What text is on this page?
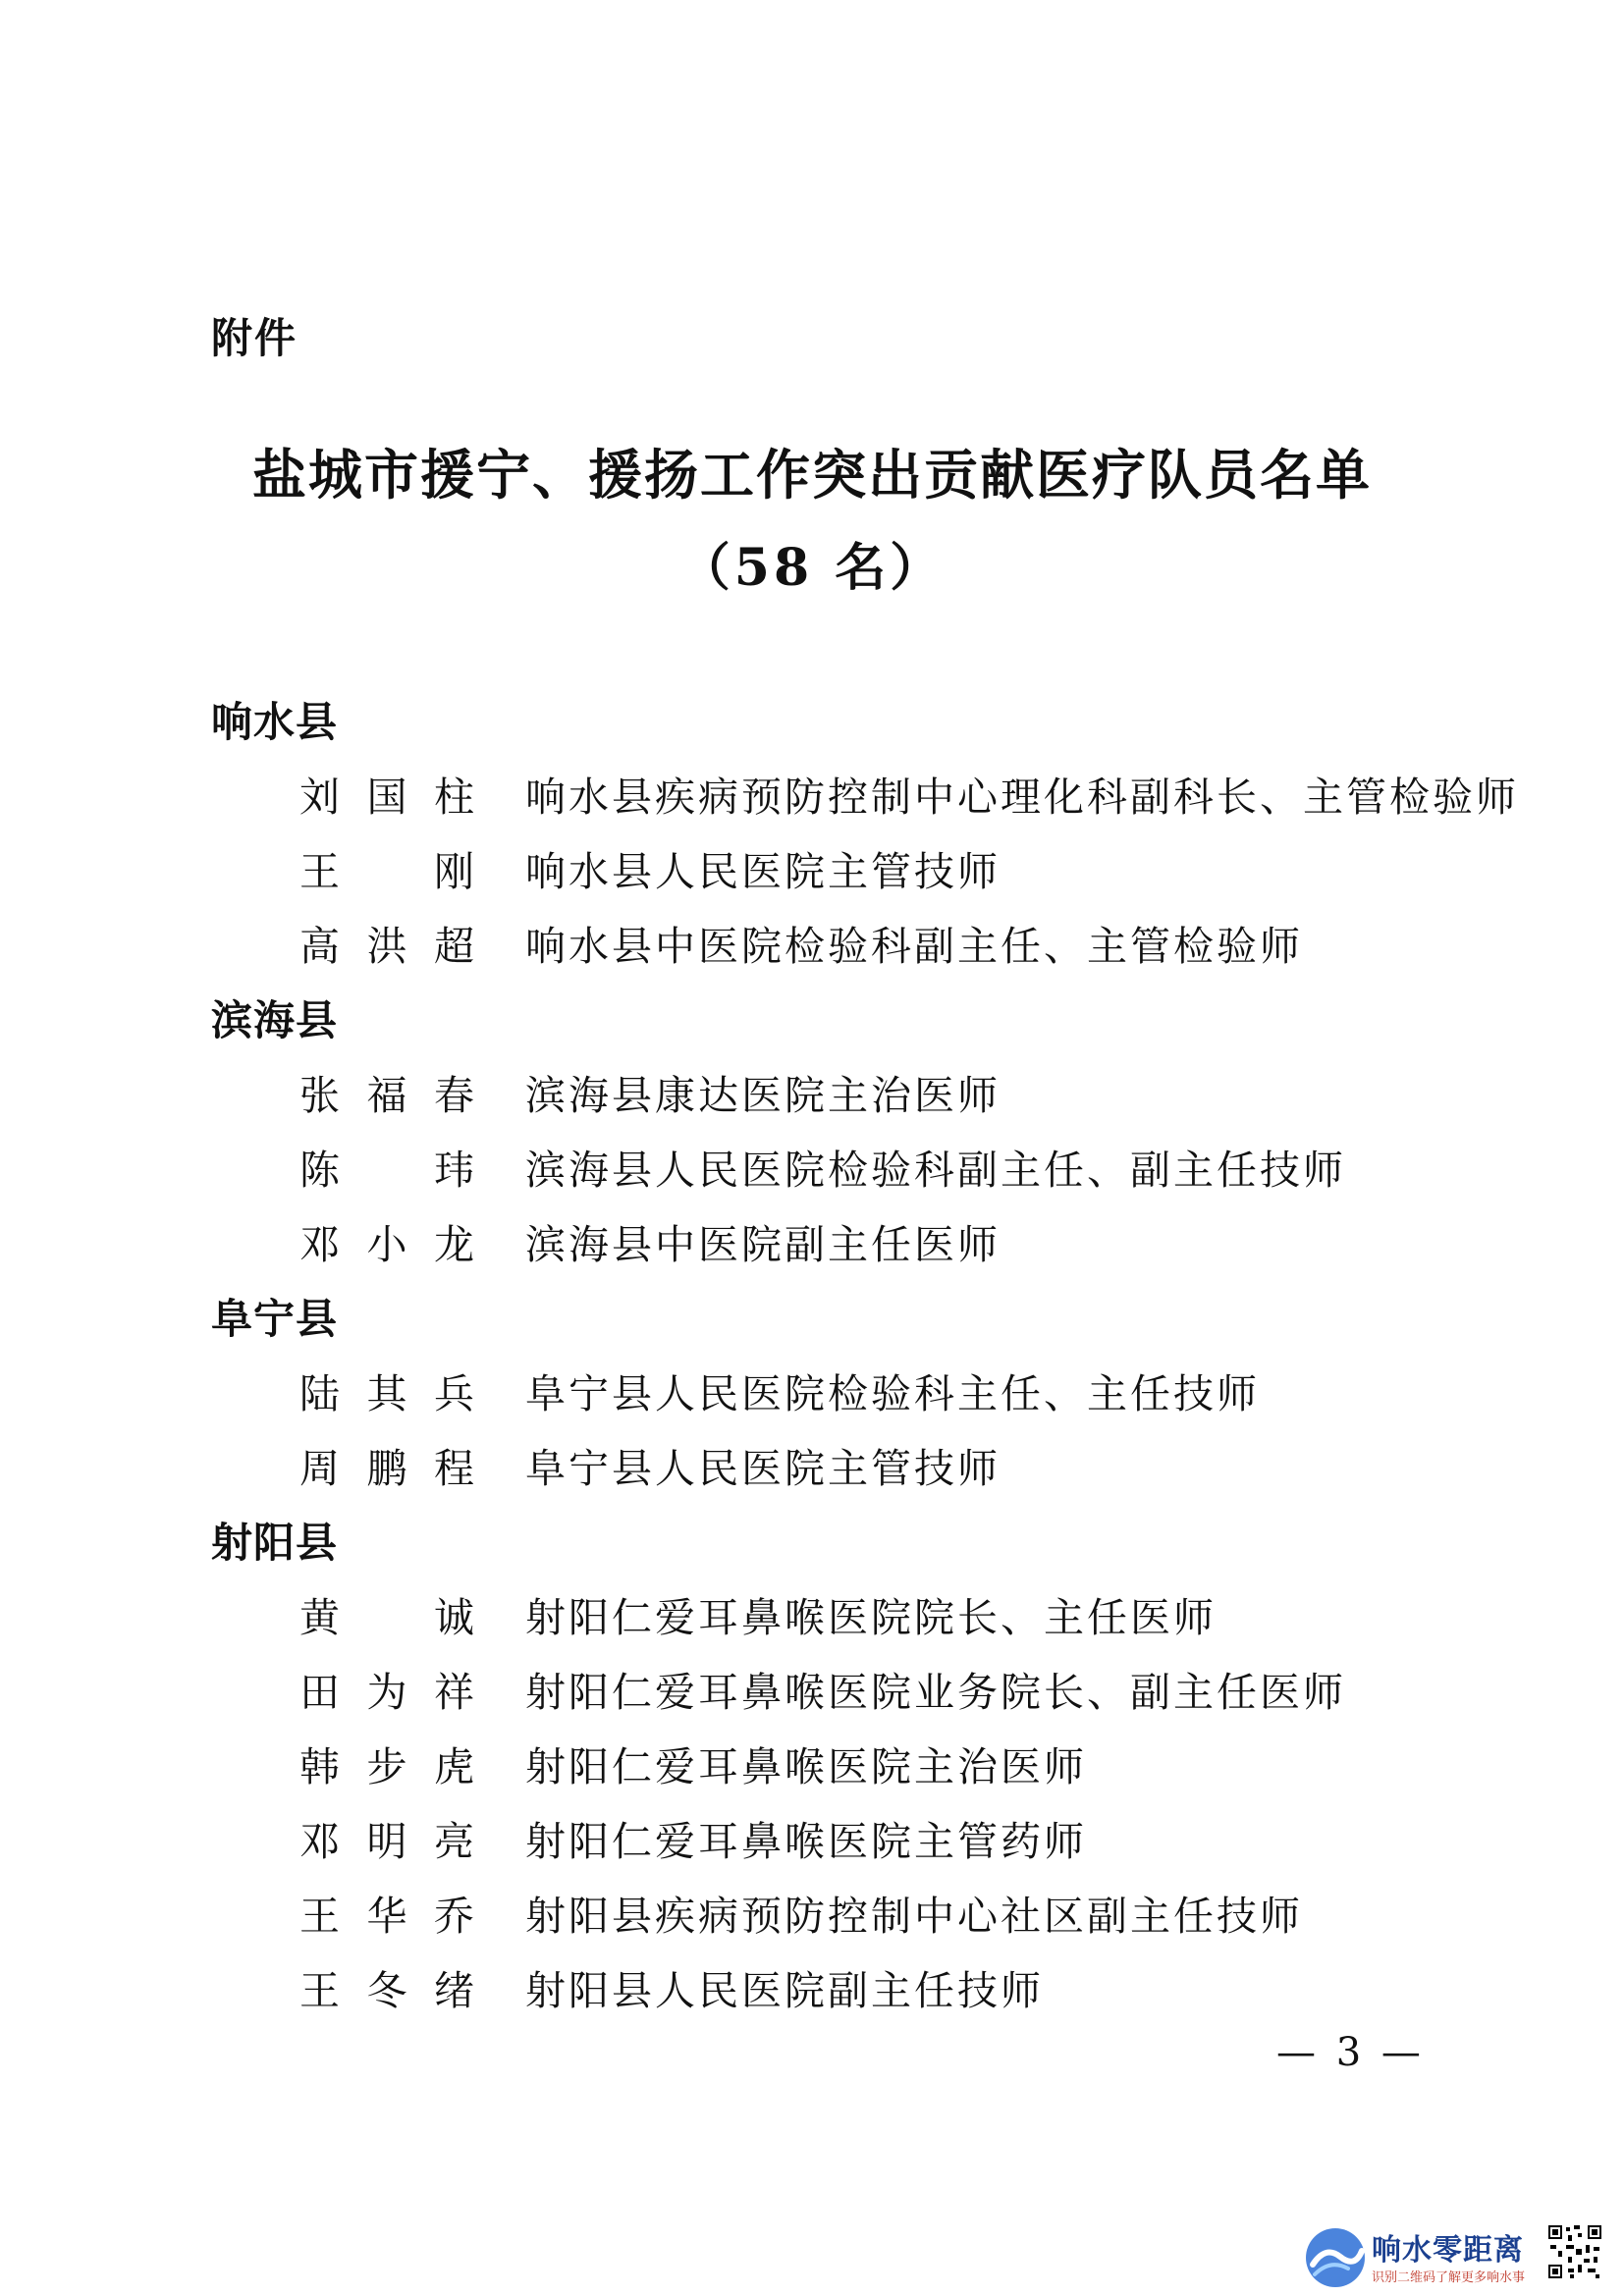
附件
盐城市援宁、援扬工作突出贡献医疗队员名单
（58 名）
响水县
刘国柱 响水县疾病预防控制中心理化科副科长、主管检验师
王刚 响水县人民医院主管技师
高洪超 响水县中医院检验科副主任、主管检验师
滨海县
张福春 滨海县康达医院主治医师
陈玮 滨海县人民医院检验科副主任、副主任技师
邓小龙 滨海县中医院副主任医师
阜宁县
陆其兵 阜宁县人民医院检验科主任、主任技师
周鹏程 阜宁县人民医院主管技师
射阳县
黄诚 射阳仁爱耳鼻喉医院院长、主任医师
田为祥 射阳仁爱耳鼻喉医院业务院长、副主任医师
韩步虎 射阳仁爱耳鼻喉医院主治医师
邓明亮 射阳仁爱耳鼻喉医院主管药师
王华乔 射阳县疾病预防控制中心社区副主任技师
王冬绪 射阳县人民医院副主任技师
— 3 —
响水零距离
识别二维码了解更多响水事
